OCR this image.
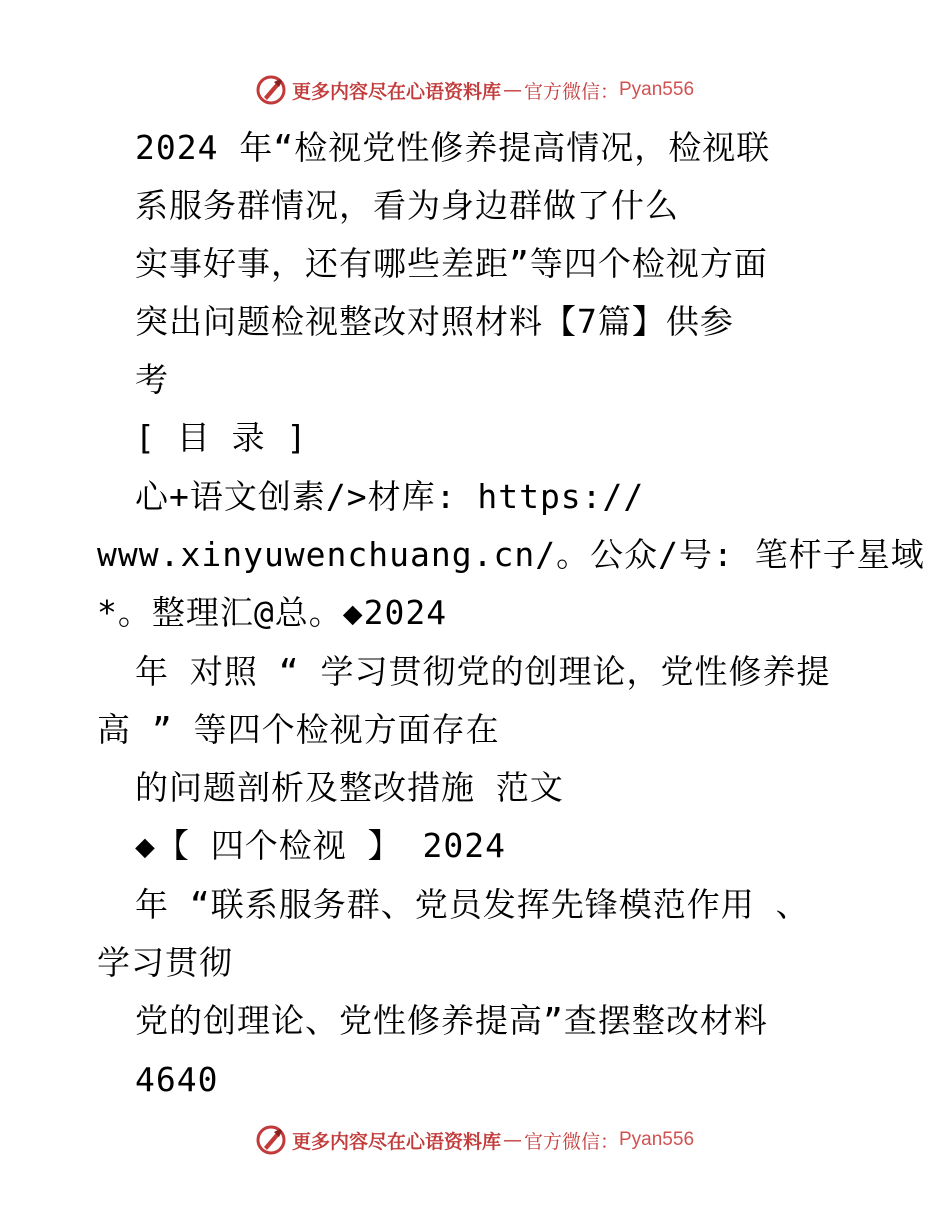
更多内容尽在心语资料库 — 官方微信： Pyan556
2024 年“检视党性修养提高情况，检视联
系服务群情况，看为身边群做了什么
实事好事，还有哪些差距”等四个检视方面
突出问题检视整改对照材料【7篇】供参
考
[ 目 录 ]
心+语文创素/>材库: https://
www.xinyuwenchuang.cn/。公众/号: 笔杆子星域
*。整理汇@总。◆2024
年 对照 “ 学习贯彻党的创理论，党性修养提
高 ” 等四个检视方面存在
的问题剖析及整改措施 范文
◆【 四个检视 】 2024
年 “联系服务群、党员发挥先锋模范作用 、
学习贯彻
党的创理论、党性修养提高”查摆整改材料
4640
更多内容尽在心语资料库 — 官方微信： Pyan556
